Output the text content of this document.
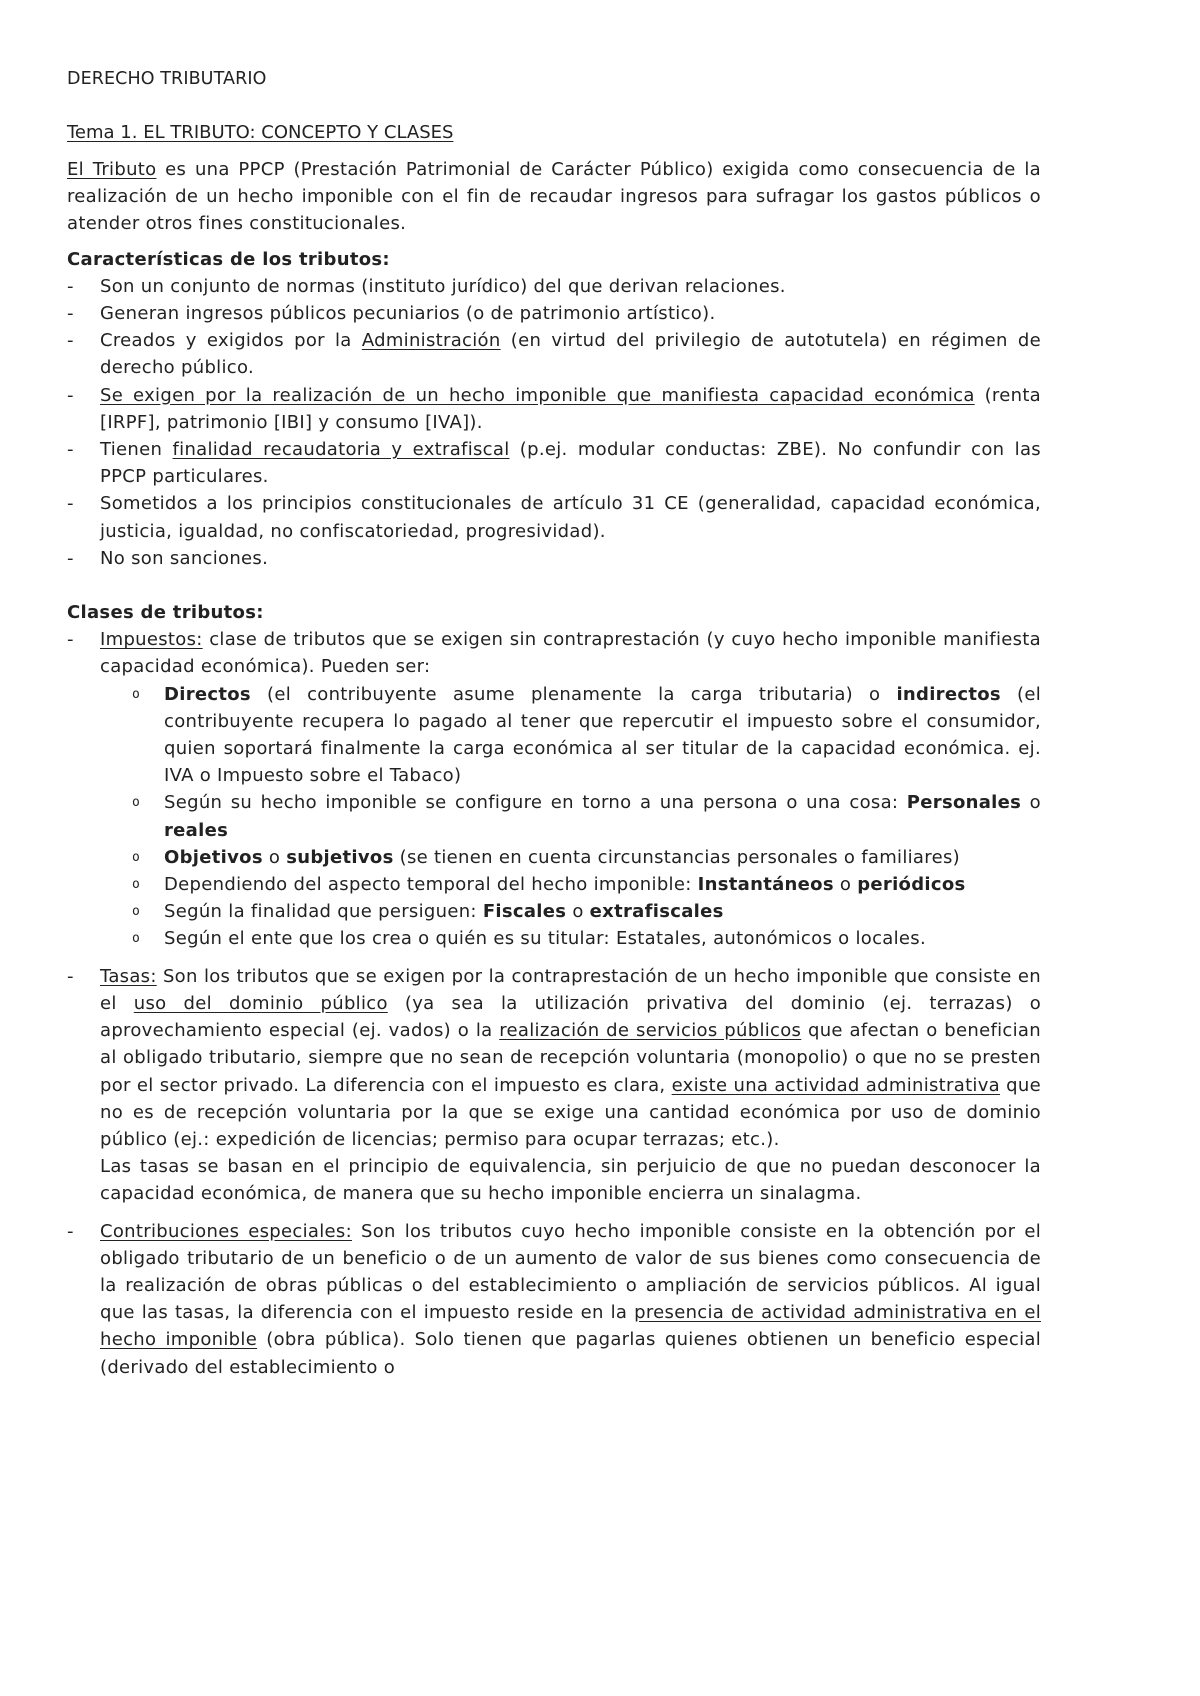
DERECHO TRIBUTARIO
Tema 1. EL TRIBUTO: CONCEPTO Y CLASES

El Tributo es una PPCP (Prestación Patrimonial de Carácter Público) exigida como consecuencia de la realización de un hecho imponible con el fin de recaudar ingresos para sufragar los gastos públicos o atender otros fines constitucionales.

Características de los tributos:
- Son un conjunto de normas (instituto jurídico) del que derivan relaciones.
- Generan ingresos públicos pecuniarios (o de patrimonio artístico).
- Creados y exigidos por la Administración (en virtud del privilegio de autotutela) en régimen de derecho público.
- Se exigen por la realización de un hecho imponible que manifiesta capacidad económica (renta [IRPF], patrimonio [IBI] y consumo [IVA]).
- Tienen finalidad recaudatoria y extrafiscal (p.ej. modular conductas: ZBE). No confundir con las PPCP particulares.
- Sometidos a los principios constitucionales de artículo 31 CE (generalidad, capacidad económica, justicia, igualdad, no confiscatoriedad, progresividad).
- No son sanciones.
Clases de tributos:
- Impuestos: clase de tributos que se exigen sin contraprestación (y cuyo hecho imponible manifiesta capacidad económica). Pueden ser:
o Directos (el contribuyente asume plenamente la carga tributaria) o indirectos (el contribuyente recupera lo pagado al tener que repercutir el impuesto sobre el consumidor, quien soportará finalmente la carga económica al ser titular de la capacidad económica. ej. IVA o Impuesto sobre el Tabaco)
o Según su hecho imponible se configure en torno a una persona o una cosa: Personales o reales
o Objetivos o subjetivos (se tienen en cuenta circunstancias personales o familiares)
o Dependiendo del aspecto temporal del hecho imponible: Instantáneos o periódicos
o Según la finalidad que persiguen: Fiscales o extrafiscales
o Según el ente que los crea o quién es su titular: Estatales, autonómicos o locales.
- Tasas: Son los tributos que se exigen por la contraprestación de un hecho imponible que consiste en el uso del dominio público (ya sea la utilización privativa del dominio (ej. terrazas) o aprovechamiento especial (ej. vados) o la realización de servicios públicos que afectan o benefician al obligado tributario, siempre que no sean de recepción voluntaria (monopolio) o que no se presten por el sector privado. La diferencia con el impuesto es clara, existe una actividad administrativa que no es de recepción voluntaria por la que se exige una cantidad económica por uso de dominio público (ej.: expedición de licencias; permiso para ocupar terrazas; etc.).
Las tasas se basan en el principio de equivalencia, sin perjuicio de que no puedan desconocer la capacidad económica, de manera que su hecho imponible encierra un sinalagma.
- Contribuciones especiales: Son los tributos cuyo hecho imponible consiste en la obtención por el obligado tributario de un beneficio o de un aumento de valor de sus bienes como consecuencia de la realización de obras públicas o del establecimiento o ampliación de servicios públicos. Al igual que las tasas, la diferencia con el impuesto reside en la presencia de actividad administrativa en el hecho imponible (obra pública). Solo tienen que pagarlas quienes obtienen un beneficio especial (derivado del establecimiento o
